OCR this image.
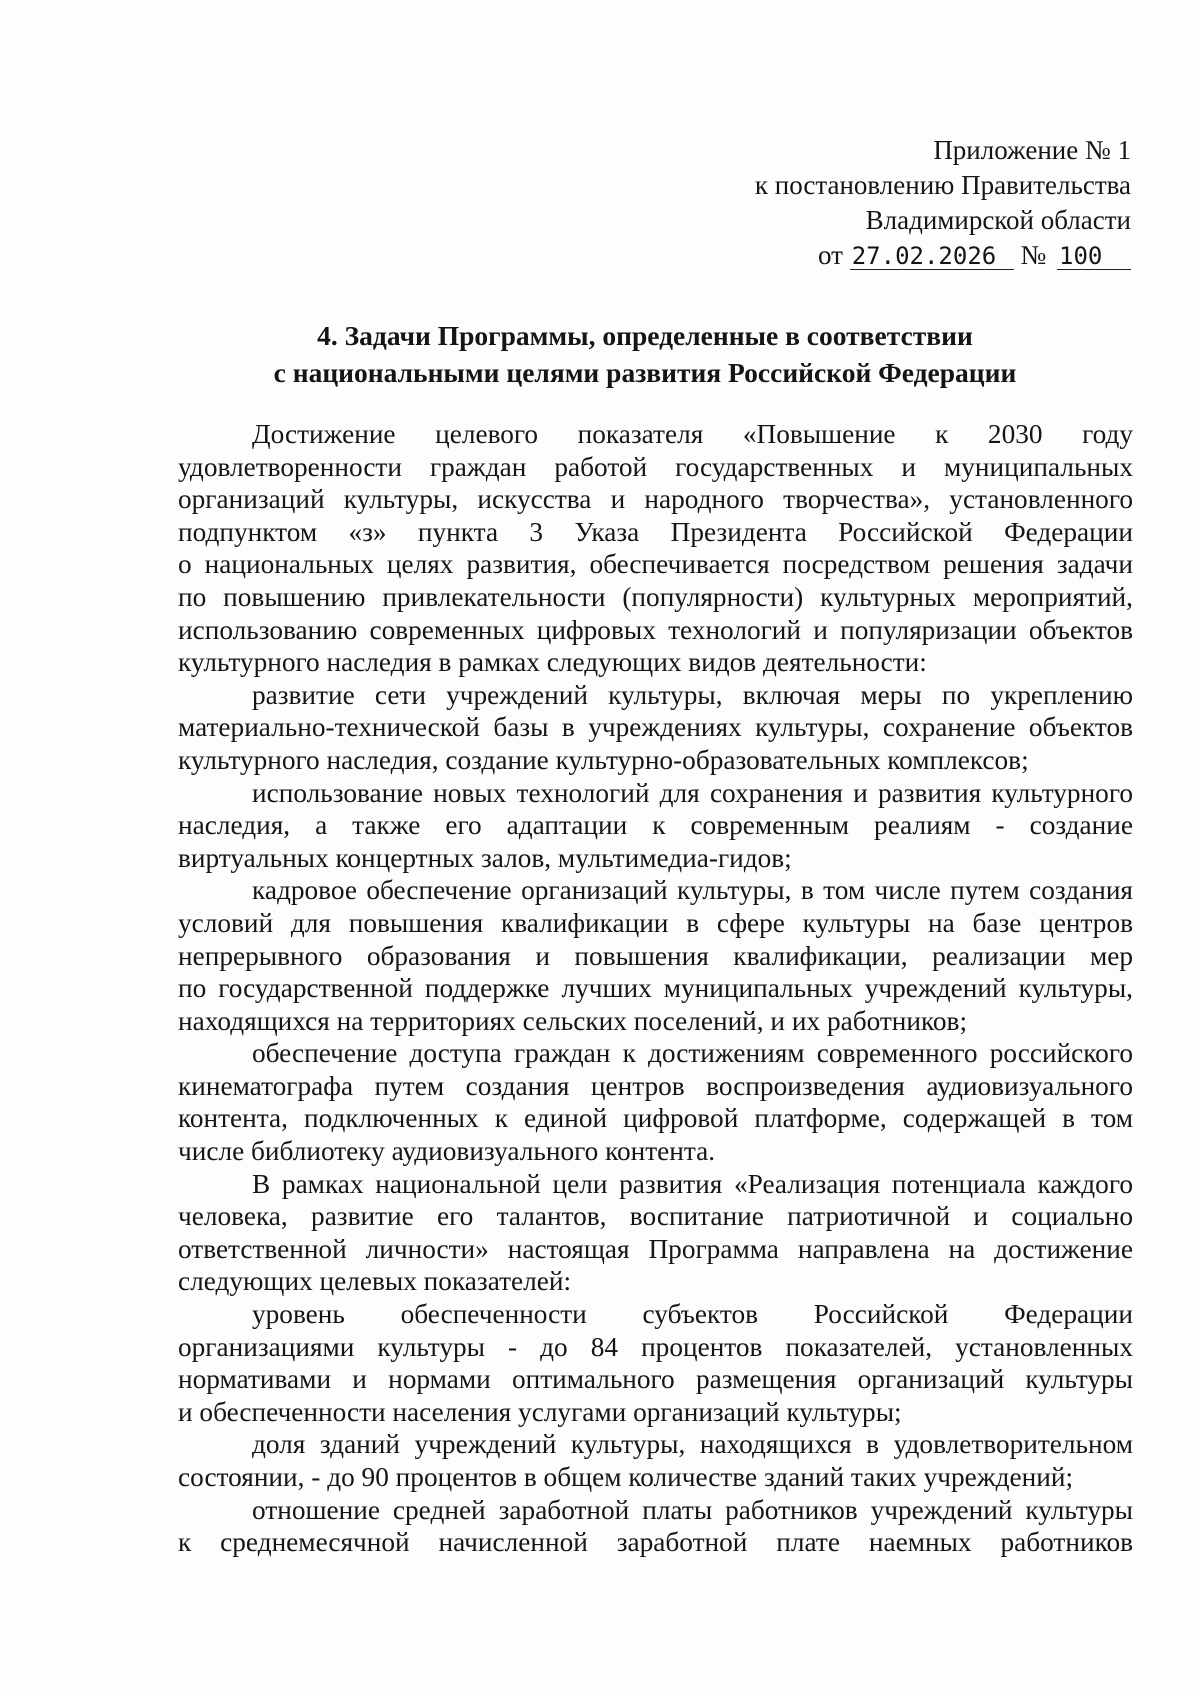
Приложение № 1
к постановлению Правительства
Владимирской области
от 27.02.2026 № 100
4. Задачи Программы, определенные в соответствии
с национальными целями развития Российской Федерации
Достижение целевого показателя «Повышение к 2030 году
удовлетворенности граждан работой государственных и муниципальных
организаций культуры, искусства и народного творчества», установленного
подпунктом «з» пункта 3 Указа Президента Российской Федерации
о национальных целях развития, обеспечивается посредством решения задачи
по повышению привлекательности (популярности) культурных мероприятий,
использованию современных цифровых технологий и популяризации объектов
культурного наследия в рамках следующих видов деятельности:
развитие сети учреждений культуры, включая меры по укреплению
материально-технической базы в учреждениях культуры, сохранение объектов
культурного наследия, создание культурно-образовательных комплексов;
использование новых технологий для сохранения и развития культурного
наследия, а также его адаптации к современным реалиям - создание
виртуальных концертных залов, мультимедиа-гидов;
кадровое обеспечение организаций культуры, в том числе путем создания
условий для повышения квалификации в сфере культуры на базе центров
непрерывного образования и повышения квалификации, реализации мер
по государственной поддержке лучших муниципальных учреждений культуры,
находящихся на территориях сельских поселений, и их работников;
обеспечение доступа граждан к достижениям современного российского
кинематографа путем создания центров воспроизведения аудиовизуального
контента, подключенных к единой цифровой платформе, содержащей в том
числе библиотеку аудиовизуального контента.
В рамках национальной цели развития «Реализация потенциала каждого
человека, развитие его талантов, воспитание патриотичной и социально
ответственной личности» настоящая Программа направлена на достижение
следующих целевых показателей:
уровень обеспеченности субъектов Российской Федерации
организациями культуры - до 84 процентов показателей, установленных
нормативами и нормами оптимального размещения организаций культуры
и обеспеченности населения услугами организаций культуры;
доля зданий учреждений культуры, находящихся в удовлетворительном
состоянии, - до 90 процентов в общем количестве зданий таких учреждений;
отношение средней заработной платы работников учреждений культуры
к среднемесячной начисленной заработной плате наемных работников
